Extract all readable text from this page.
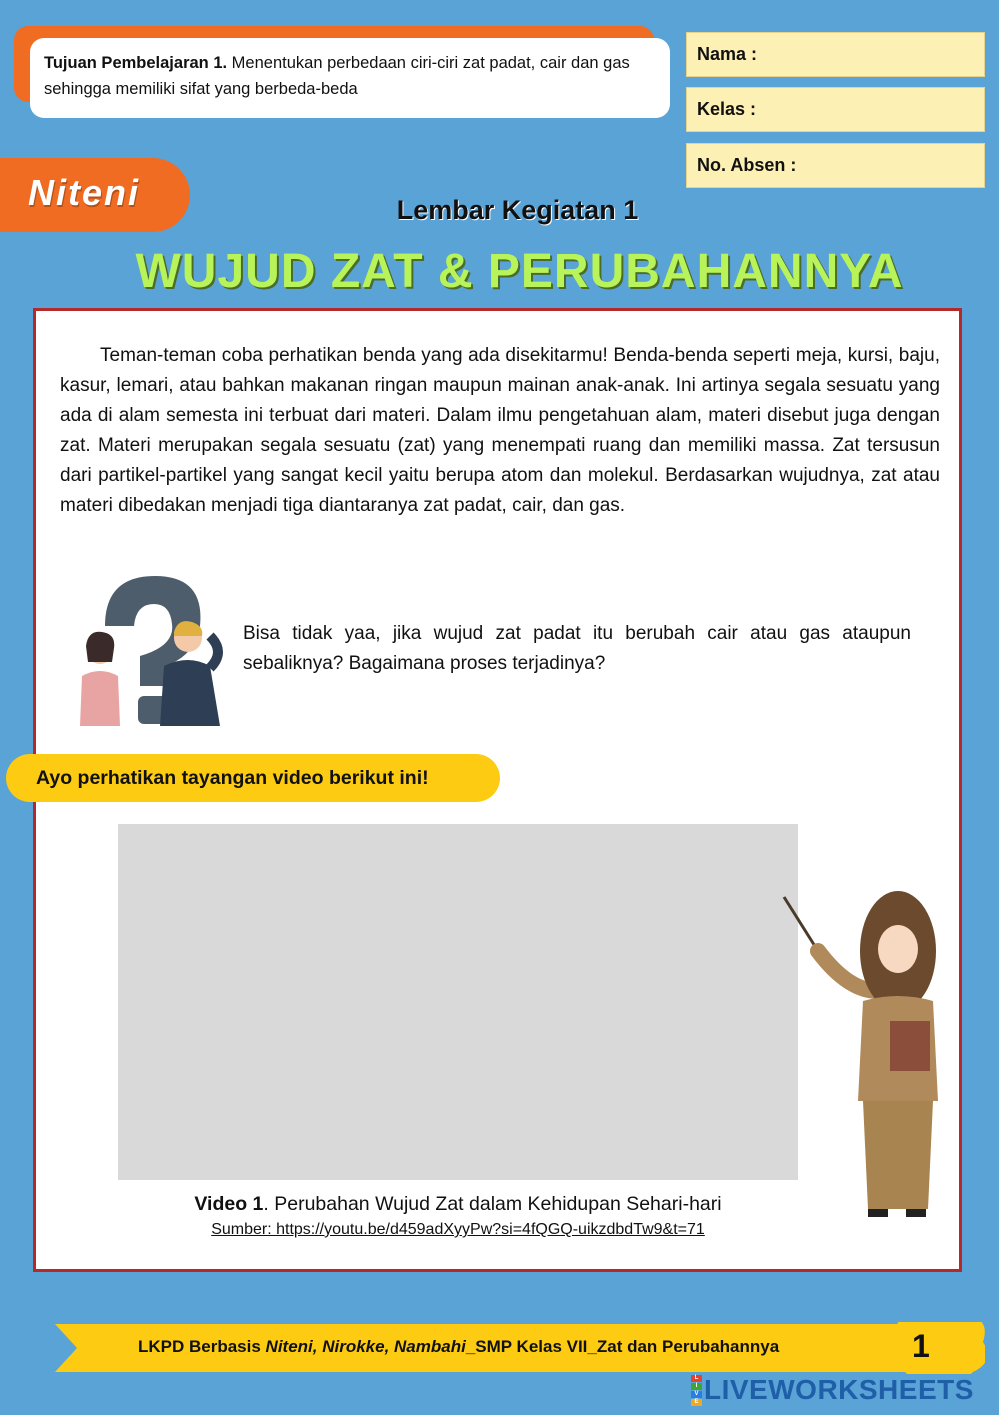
Tujuan Pembelajaran 1. Menentukan perbedaan ciri-ciri zat padat, cair dan gas sehingga memiliki sifat yang berbeda-beda
Nama :
Kelas :
No. Absen :
Niteni	Lembar Kegiatan 1
WUJUD ZAT & PERUBAHANNYA

Teman-teman coba perhatikan benda yang ada disekitarmu! Benda-benda seperti meja, kursi, baju, kasur, lemari, atau bahkan makanan ringan maupun mainan anak-anak. Ini artinya segala sesuatu yang ada di alam semesta ini terbuat dari materi. Dalam ilmu pengetahuan alam, materi disebut juga dengan zat. Materi merupakan segala sesuatu (zat) yang menempati ruang dan memiliki massa. Zat tersusun dari partikel-partikel yang sangat kecil yaitu berupa atom dan molekul. Berdasarkan wujudnya, zat atau materi dibedakan menjadi tiga diantaranya zat padat, cair, dan gas.

Bisa tidak yaa, jika wujud zat padat itu berubah cair atau gas ataupun sebaliknya? Bagaimana proses terjadinya?

Video 1. Perubahan Wujud Zat dalam Kehidupan Sehari-hari
Sumber: https://youtu.be/d459adXyyPw?si=4fQGQ-uikzdbdTw9&t=71
Ayo perhatikan tayangan video berikut ini!
LKPD Berbasis Niteni, Nirokke, Nambahi_SMP Kelas VII_Zat dan Perubahannya	1
L
I
V
E LIVEWORKSHEETS
